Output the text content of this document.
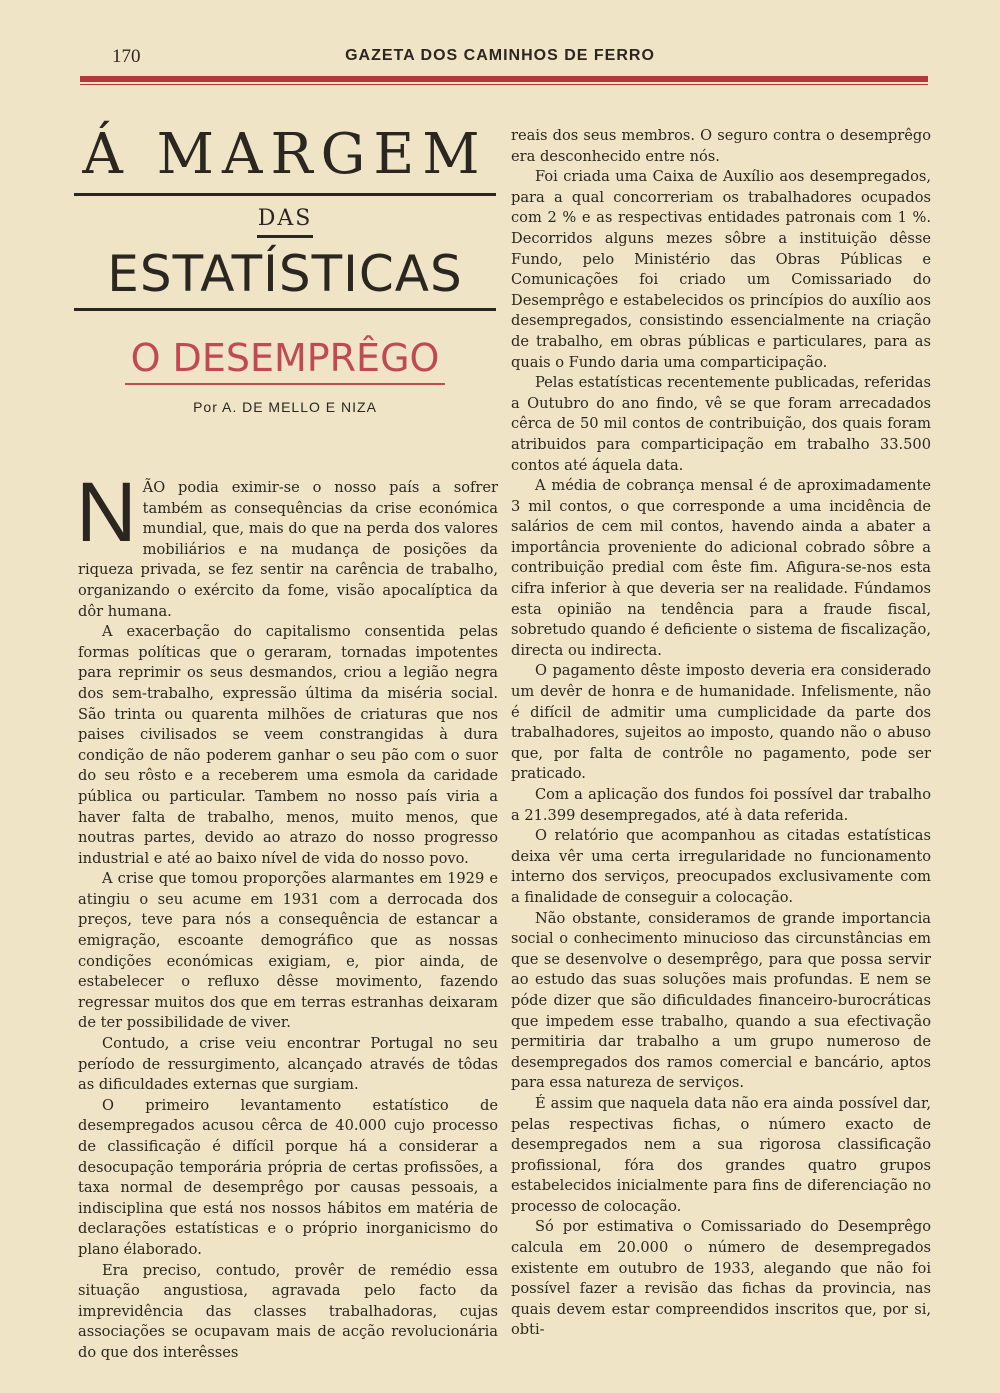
170	GAZETA DOS CAMINHOS DE FERRO
Á MARGEM
DAS
ESTATÍSTICAS
O DESEMPRÊGO
Por A. DE MELLO E NIZA

NÃO podia eximir-se o nosso país a sofrer também as consequências da crise económica mundial, que, mais do que na perda dos valores mobiliários e na mudança de posições da riqueza privada, se fez sentir na carência de trabalho, organizando o exército da fome, visão apocalíptica da dôr humana.

A exacerbação do capitalismo consentida pelas formas políticas que o geraram, tornadas impotentes para reprimir os seus desmandos, criou a legião negra dos sem-trabalho, expressão última da miséria social. São trinta ou quarenta milhões de criaturas que nos paises civilisados se veem constrangidas à dura condição de não poderem ganhar o seu pão com o suor do seu rôsto e a receberem uma esmola da caridade pública ou particular. Tambem no nosso país viria a haver falta de trabalho, menos, muito menos, que noutras partes, devido ao atrazo do nosso progresso industrial e até ao baixo nível de vida do nosso povo.

A crise que tomou proporções alarmantes em 1929 e atingiu o seu acume em 1931 com a derrocada dos preços, teve para nós a consequência de estancar a emigração, escoante demográfico que as nossas condições económicas exigiam, e, pior ainda, de estabelecer o refluxo dêsse movimento, fazendo regressar muitos dos que em terras estranhas deixaram de ter possibilidade de viver.

Contudo, a crise veiu encontrar Portugal no seu período de ressurgimento, alcançado através de tôdas as dificuldades externas que surgiam.

O primeiro levantamento estatístico de desempregados acusou cêrca de 40.000 cujo processo de classificação é difícil porque há a considerar a desocupação temporária própria de certas profissões, a taxa normal de desemprêgo por causas pessoais, a indisciplina que está nos nossos hábitos em matéria de declarações estatísticas e o próprio inorganicismo do plano élaborado.

Era preciso, contudo, provêr de remédio essa situação angustiosa, agravada pelo facto da imprevidência das classes trabalhadoras, cujas associações se ocupavam mais de acção revolucionária do que dos interêsses

reais dos seus membros. O seguro contra o desemprêgo era desconhecido entre nós.

Foi criada uma Caixa de Auxílio aos desempregados, para a qual concorreriam os trabalhadores ocupados com 2 % e as respectivas entidades patronais com 1 %. Decorridos alguns mezes sôbre a instituição dêsse Fundo, pelo Ministério das Obras Públicas e Comunicações foi criado um Comissariado do Desemprêgo e estabelecidos os princípios do auxílio aos desempregados, consistindo essencialmente na criação de trabalho, em obras públicas e particulares, para as quais o Fundo daria uma comparticipação.

Pelas estatísticas recentemente publicadas, referidas a Outubro do ano findo, vê se que foram arrecadados cêrca de 50 mil contos de contribuição, dos quais foram atribuidos para comparticipação em trabalho 33.500 contos até áquela data.

A média de cobrança mensal é de aproximadamente 3 mil contos, o que corresponde a uma incidência de salários de cem mil contos, havendo ainda a abater a importância proveniente do adicional cobrado sôbre a contribuição predial com êste fim. Afigura-se-nos esta cifra inferior à que deveria ser na realidade. Fúndamos esta opinião na tendência para a fraude fiscal, sobretudo quando é deficiente o sistema de fiscalização, directa ou indirecta.

O pagamento dêste imposto deveria era considerado um devêr de honra e de humanidade. Infelismente, não é difícil de admitir uma cumplicidade da parte dos trabalhadores, sujeitos ao imposto, quando não o abuso que, por falta de contrôle no pagamento, pode ser praticado.

Com a aplicação dos fundos foi possível dar trabalho a 21.399 desempregados, até à data referida.

O relatório que acompanhou as citadas estatísticas deixa vêr uma certa irregularidade no funcionamento interno dos serviços, preocupados exclusivamente com a finalidade de conseguir a colocação.

Não obstante, consideramos de grande importancia social o conhecimento minucioso das circunstâncias em que se desenvolve o desemprêgo, para que possa servir ao estudo das suas soluções mais profundas. E nem se póde dizer que são dificuldades financeiro-burocráticas que impedem esse trabalho, quando a sua efectivação permitiria dar trabalho a um grupo numeroso de desempregados dos ramos comercial e bancário, aptos para essa natureza de serviços.

É assim que naquela data não era ainda possível dar, pelas respectivas fichas, o número exacto de desempregados nem a sua rigorosa classificação profissional, fóra dos grandes quatro grupos estabelecidos inicialmente para fins de diferenciação no processo de colocação.

Só por estimativa o Comissariado do Desemprêgo calcula em 20.000 o número de desempregados existente em outubro de 1933, alegando que não foi possível fazer a revisão das fichas da provincia, nas quais devem estar compreendidos inscritos que, por si, obti-
